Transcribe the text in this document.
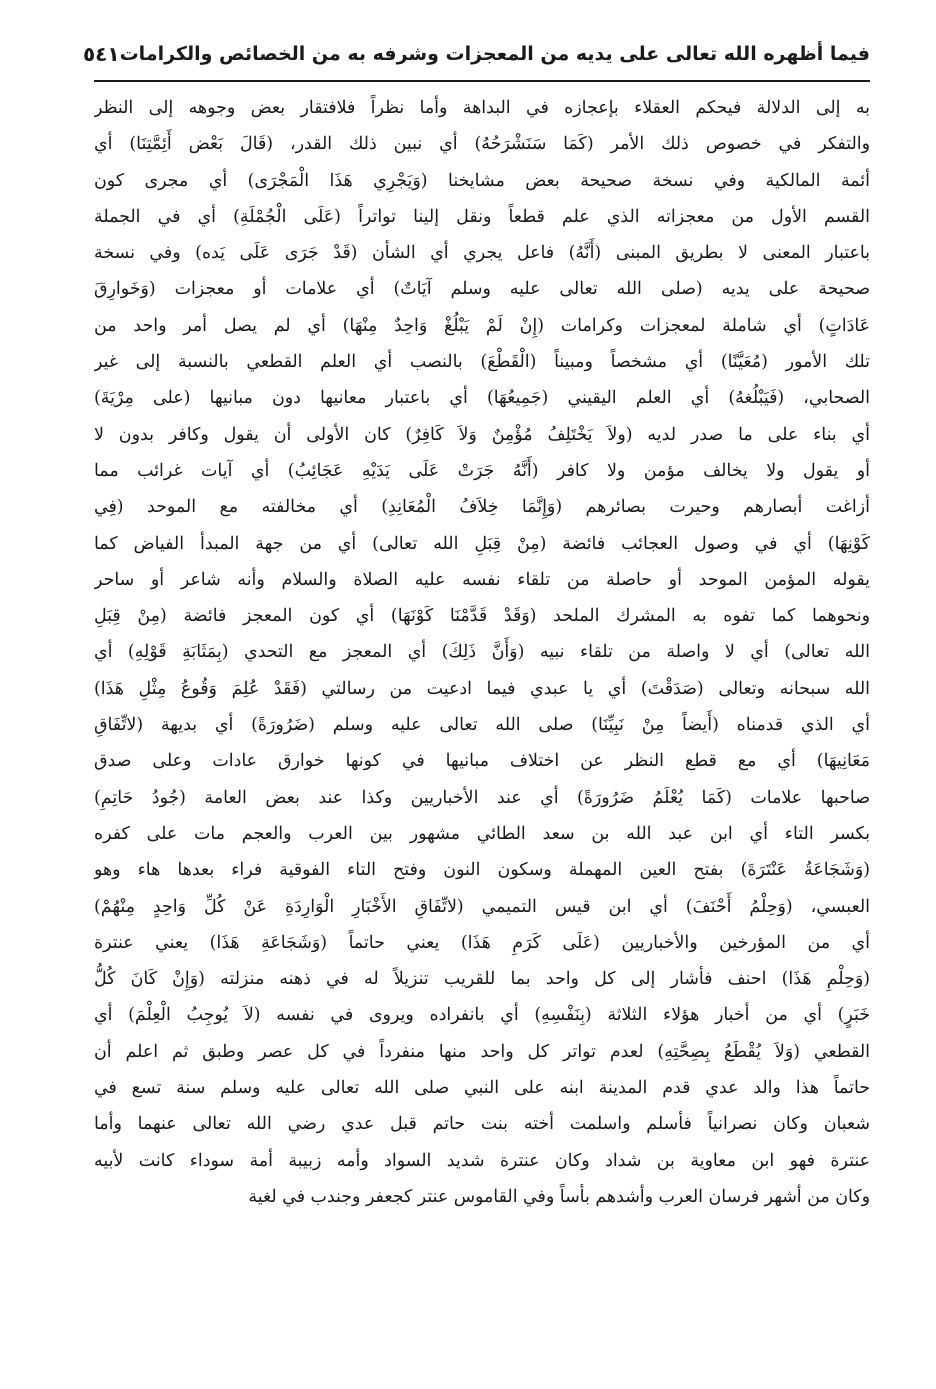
فيما أظهره الله تعالى على يديه من المعجزات وشرفه به من الخصائص والكرامات
٥٤١
به إلى الدلالة فيحكم العقلاء بإعجازه في البداهة وأما نظراً فلافتقار بعض وجوهه إلى النظر
والتفكر في خصوص ذلك الأمر (كَمَا سَنَشْرَحُهُ) أي نبين ذلك القدر، (قَالَ بَعْض أَئِمَّتِنَا) أي
أئمة المالكية وفي نسخة صحيحة بعض مشايخنا (وَيَجْرِي هَذَا الْمَجْرَى) أي مجرى كون
القسم الأول من معجزاته الذي علم قطعاً ونقل إلينا تواتراً (عَلَى الْجُمْلَةِ) أي في الجملة
باعتبار المعنى لا بطريق المبنى (أَنَّهُ) فاعل يجري أي الشأن (قَدْ جَرَى عَلَى يَده) وفي نسخة
صحيحة على يديه (صلى الله تعالى عليه وسلم آيَاتٌ) أي علامات أو معجزات (وَخَوارِقَ
عَادَاتٍ) أي شاملة لمعجزات وكرامات (إِنْ لَمْ يَبْلُغْ وَاحِدٌ مِنْهَا) أي لم يصل أمر واحد من
تلك الأمور (مُعَيَّنًا) أي مشخصاً ومبيناً (الْقَطْعَ) بالنصب أي العلم القطعي بالنسبة إلى غير
الصحابي، (فَيَبْلُغهُ) أي العلم اليقيني (جَمِيعُهَا) أي باعتبار معانيها دون مبانيها (على مِرْيَةَ)
أي بناء على ما صدر لديه (ولاَ يَخْتَلِفُ مُؤْمِنٌ وَلاَ كَافِرٌ) كان الأولى أن يقول وكافر بدون لا
أو يقول ولا يخالف مؤمن ولا كافر (أَنَّهُ جَرَتْ عَلَى يَدَيْهِ عَجَائِبُ) أي آيات غرائب مما
أزاغت أبصارهم وحيرت بصائرهم (وَإِنَّمَا خِلاَفُ الْمُعَانِدِ) أي مخالفته مع الموحد (فِي
كَوْنِهَا) أي في وصول العجائب فائضة (مِنْ قِبَلِ الله تعالى) أي من جهة المبدأ الفياض كما
يقوله المؤمن الموحد أو حاصلة من تلقاء نفسه عليه الصلاة والسلام وأنه شاعر أو ساحر
ونحوهما كما تفوه به المشرك الملحد (وَقَدْ قَدَّمْنَا كَوْنَهَا) أي كون المعجز فائضة (مِنْ قِبَلِ
الله تعالى) أي لا واصلة من تلقاء نبيه (وَأَنَّ ذَلِكَ) أي المعجز مع التحدي (بِمَثَابَةِ قَوْلِهِ) أي
الله سبحانه وتعالى (صَدَقْتَ) أي يا عبدي فيما ادعيت من رسالتي (فَقَدْ عُلِمَ وَقُوعُ مِثْلِ هَذَا)
أي الذي قدمناه (أَيضاً مِنْ نَبِيِّنَا) صلى الله تعالى عليه وسلم (ضَرُورَةً) أي بديهة (لاتِّفَاقِ
مَعَانِيهَا) أي مع قطع النظر عن اختلاف مبانيها في كونها خوارق عادات وعلى صدق
صاحبها علامات (كَمَا يُعْلَمُ ضَرُورَةً) أي عند الأخباريين وكذا عند بعض العامة (جُودُ حَاتِمِ)
بكسر التاء أي ابن عبد الله بن سعد الطائي مشهور بين العرب والعجم مات على كفره
(وَشَجَاعَةُ عَنْتَرَةَ) بفتح العين المهملة وسكون النون وفتح التاء الفوقية فراء بعدها هاء وهو
العبسي، (وَحِلْمُ أَحْنَفَ) أي ابن قيس التميمي (لاتِّفَاقِ الأَخْبَارِ الْوَارِدَةِ عَنْ كُلِّ وَاحِدٍ مِنْهُمْ)
أي من المؤرخين والأخباريين (عَلَى كَرَمِ هَذَا) يعني حاتماً (وَشَجَاعَةِ هَذَا) يعني عنترة
(وَحِلْمِ هَذَا) احنف فأشار إلى كل واحد بما للقريب تنزيلاً له في ذهنه منزلته (وَإِنْ كَانَ كُلُّ
خَبَرٍ) أي من أخبار هؤلاء الثلاثة (بِنَفْسِهِ) أي بانفراده ويروى في نفسه (لاَ يُوجِبُ الْعِلْمَ) أي
القطعي (وَلاَ يُقْطَعُ بِصِحَّتِهِ) لعدم تواتر كل واحد منها منفرداً في كل عصر وطبق ثم اعلم أن
حاتماً هذا والد عدي قدم المدينة ابنه على النبي صلى الله تعالى عليه وسلم سنة تسع في
شعبان وكان نصرانياً فأسلم واسلمت أخته بنت حاتم قبل عدي رضي الله تعالى عنهما وأما
عنترة فهو ابن معاوية بن شداد وكان عنترة شديد السواد وأمه زبيبة أمة سوداء كانت لأبيه
وكان من أشهر فرسان العرب وأشدهم بأساً وفي القاموس عنتر كجعفر وجندب في لغية
